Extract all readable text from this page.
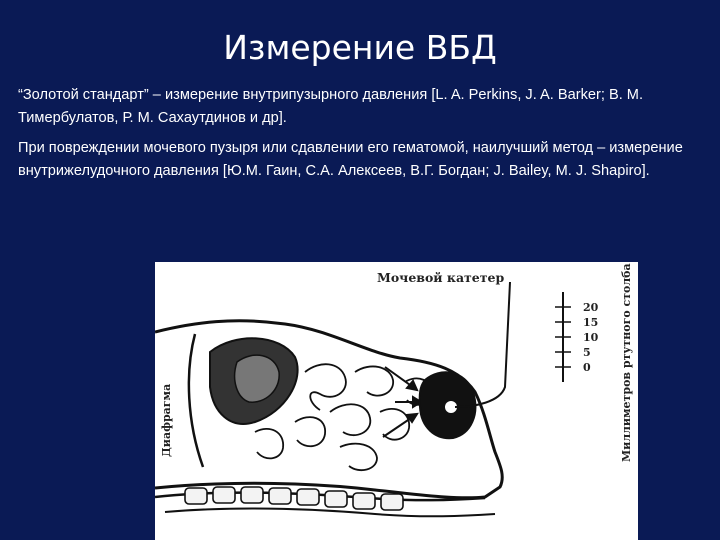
Измерение ВБД

“Золотой стандарт” – измерение внутрипузырного давления [L. A. Perkins, J. A. Barker; В. М. Тимербулатов, Р. М. Сахаутдинов и др].

При повреждении мочевого пузыря или сдавлении его гематомой, наилучший метод – измерение внутрижелудочного давления [Ю.М. Гаин, С.А. Алексеев, В.Г. Богдан; J. Bailey, M. J. Shapiro].

20
15
10
5
0
Мочевой катетер
Диафрагма	Миллиметров ртутного столба
